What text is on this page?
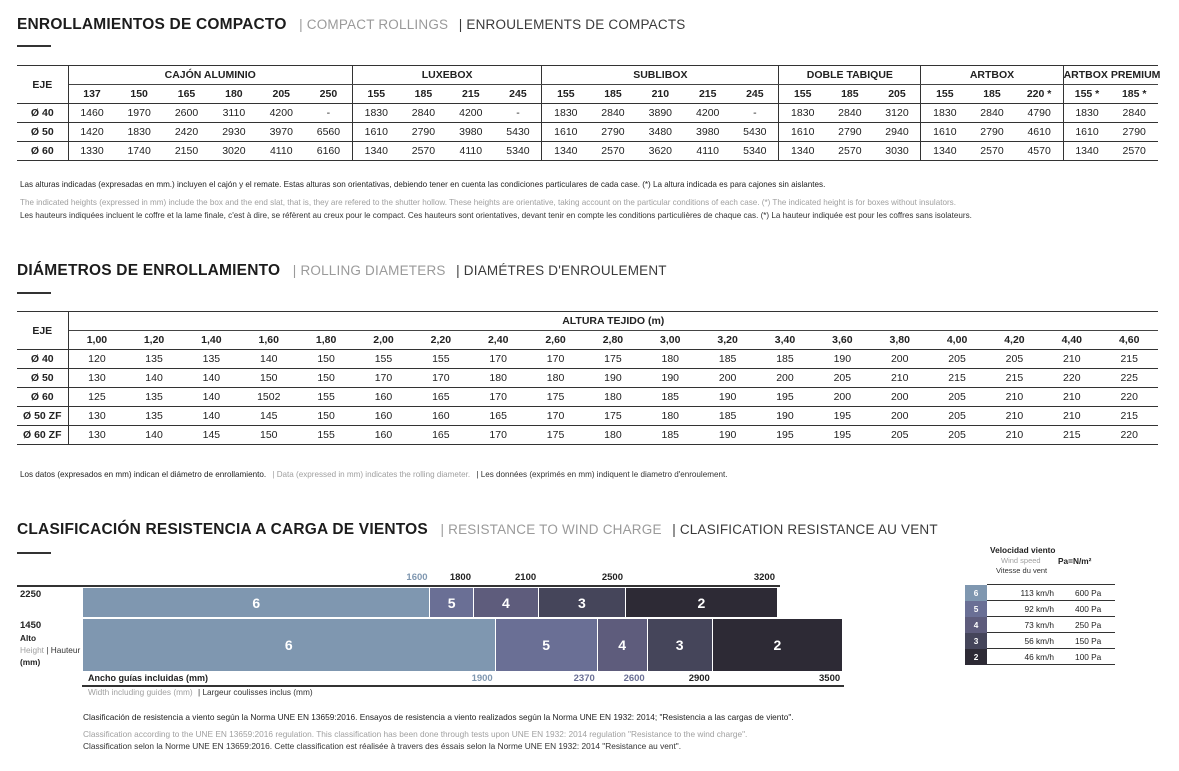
ENROLLAMIENTOS DE COMPACTO | COMPACT ROLLINGS | ENROULEMENTS DE COMPACTS
EJE	CAJÓN ALUMINIO						LUXEBOX				SUBLIBOX					DOBLE TABIQUE			ARTBOX			ARTBOX PREMIUM	
	137	150	165	180	205	250	155	185	215	245	155	185	210	215	245	155	185	205	155	185	220 *	155 *	185 *
Ø 40	1460	1970	2600	3110	4200	-	1830	2840	4200	-	1830	2840	3890	4200	-	1830	2840	3120	1830	2840	4790	1830	2840
Ø 50	1420	1830	2420	2930	3970	6560	1610	2790	3980	5430	1610	2790	3480	3980	5430	1610	2790	2940	1610	2790	4610	1610	2790
Ø 60	1330	1740	2150	3020	4110	6160	1340	2570	4110	5340	1340	2570	3620	4110	5340	1340	2570	3030	1340	2570	4570	1340	2570
Las alturas indicadas (expresadas en mm.) incluyen el cajón y el remate. Estas alturas son orientativas, debiendo tener en cuenta las condiciones particulares de cada case. (*) La altura indicada es para cajones sin aislantes.
The indicated heights (expressed in mm) include the box and the end slat, that is, they are refered to the shutter hollow. These heights are orientative, taking account on the particular conditions of each case. (*) The indicated height is for boxes without insulators.
Les hauteurs indiquées incluent le coffre et la lame finale, c'est à dire, se réfèrent au creux pour le compact. Ces hauteurs sont orientatives, devant tenir en compte les conditions particulières de chaque cas. (*) La hauteur indiquée est pour les coffres sans isolateurs.
DIÁMETROS DE ENROLLAMIENTO | ROLLING DIAMETERS | DIAMÉTRES D'ENROULEMENT
EJE	ALTURA TEJIDO (m)																		
	1,00	1,20	1,40	1,60	1,80	2,00	2,20	2,40	2,60	2,80	3,00	3,20	3,40	3,60	3,80	4,00	4,20	4,40	4,60
Ø 40	120	135	135	140	150	155	155	170	170	175	180	185	185	190	200	205	205	210	215
Ø 50	130	140	140	150	150	170	170	180	180	190	190	200	200	205	210	215	215	220	225
Ø 60	125	135	140	1502	155	160	165	170	175	180	185	190	195	200	200	205	210	210	220
Ø 50 ZF	130	135	140	145	150	160	160	165	170	175	180	185	190	195	200	205	210	210	215
Ø 60 ZF	130	140	145	150	155	160	165	170	175	180	185	190	195	195	205	205	210	215	220
Los datos (expresados en mm) indican el diámetro de enrollamiento. | Data (expressed in mm) indicates the rolling diameter. | Les données (exprimés en mm) indiquent le diametro d'enroulement.
CLASIFICACIÓN RESISTENCIA A CARGA DE VIENTOS | RESISTANCE TO WIND CHARGE | CLASIFICATION RESISTANCE AU VENT
2250
1450
Alto
Height | Hauteur
(mm)
Ancho guías incluidas (mm)
Width including guides (mm) | Largeur coulisses inclus (mm)
1600 1800	2100	2500	3200
1900	2370	2600	2900	3500
6	5	4	3	2
6	5	4	3	2
Velocidad viento
Wind speed
Vitesse du vent
Pa=N/m²
6	113 km/h	600 Pa
5	92 km/h	400 Pa
4	73 km/h	250 Pa
3	56 km/h	150 Pa
2	46 km/h	100 Pa
Clasificación de resistencia a viento según la Norma UNE EN 13659:2016. Ensayos de resistencia a viento realizados según la Norma UNE EN 1932: 2014; "Resistencia a las cargas de viento".
Classification according to the UNE EN 13659:2016 regulation. This classification has been done through tests upon UNE EN 1932: 2014 regulation "Resistance to the wind charge".
Classification selon la Norme UNE EN 13659:2016. Cette classification est réalisée à travers des éssais selon la Norme UNE EN 1932: 2014 "Resistance au vent".
